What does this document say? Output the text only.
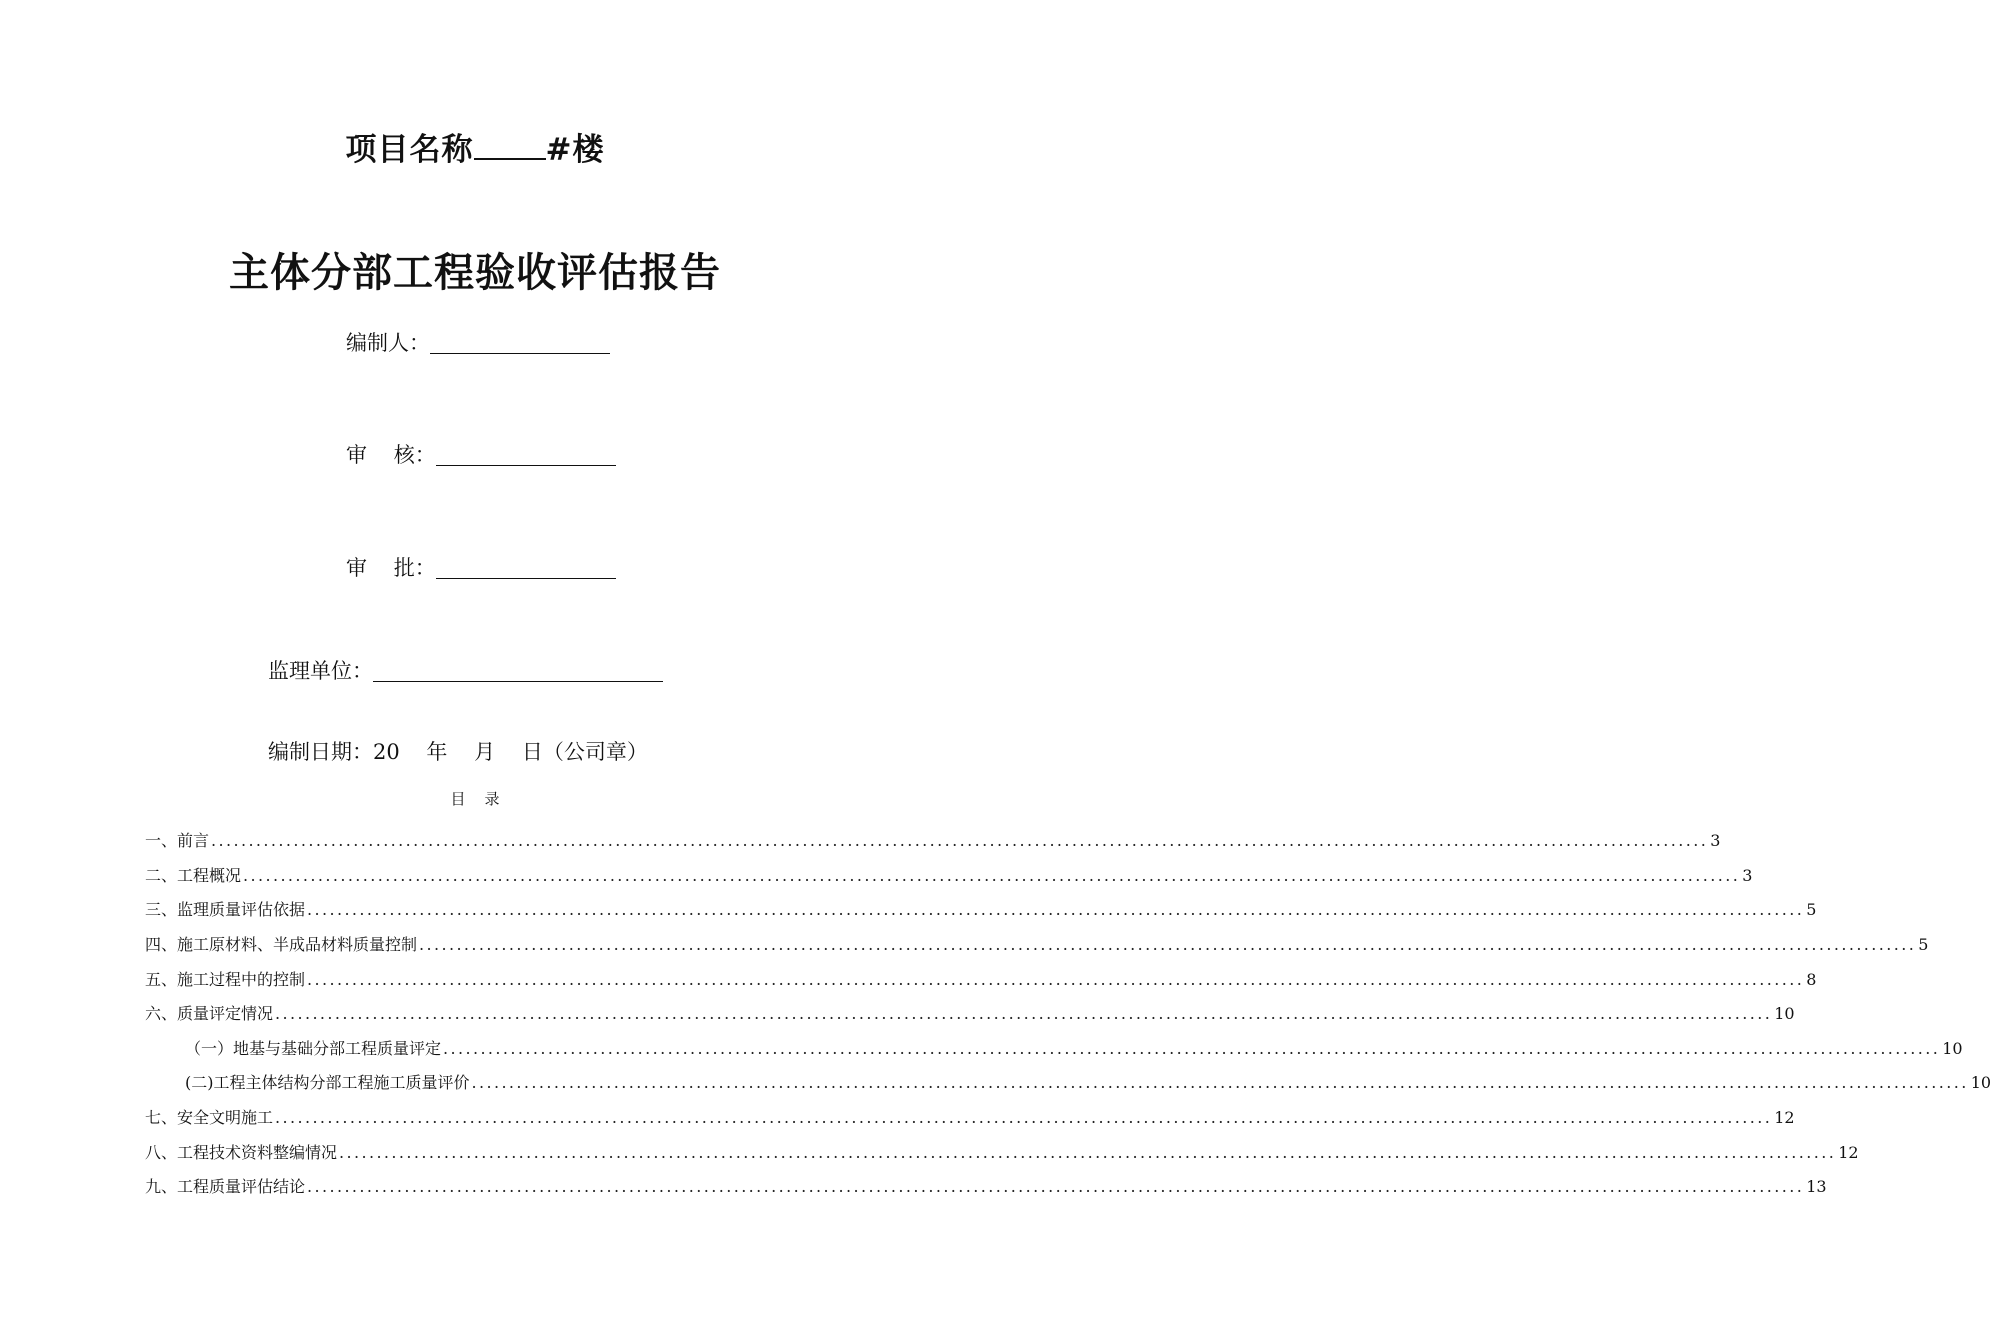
项目名称 #楼
主体分部工程验收评估报告
编制人：
审    核：
审    批：
监理单位：
编制日期：20    年    月    日（公司章）
目    录
一、前言 ........................................................................................................................................................................................................ 3
二、工程概况 ........................................................................................................................................................................................................ 3
三、监理质量评估依据 ........................................................................................................................................................................................................ 5
四、施工原材料、半成品材料质量控制 ........................................................................................................................................................................................................ 5
五、施工过程中的控制 ........................................................................................................................................................................................................ 8
六、质量评定情况 ........................................................................................................................................................................................................ 10
（一）地基与基础分部工程质量评定 ........................................................................................................................................................................................................ 10
(二)工程主体结构分部工程施工质量评价 ........................................................................................................................................................................................................ 10
七、安全文明施工 ........................................................................................................................................................................................................ 12
八、工程技术资料整编情况 ........................................................................................................................................................................................................ 12
九、工程质量评估结论 ........................................................................................................................................................................................................ 13
